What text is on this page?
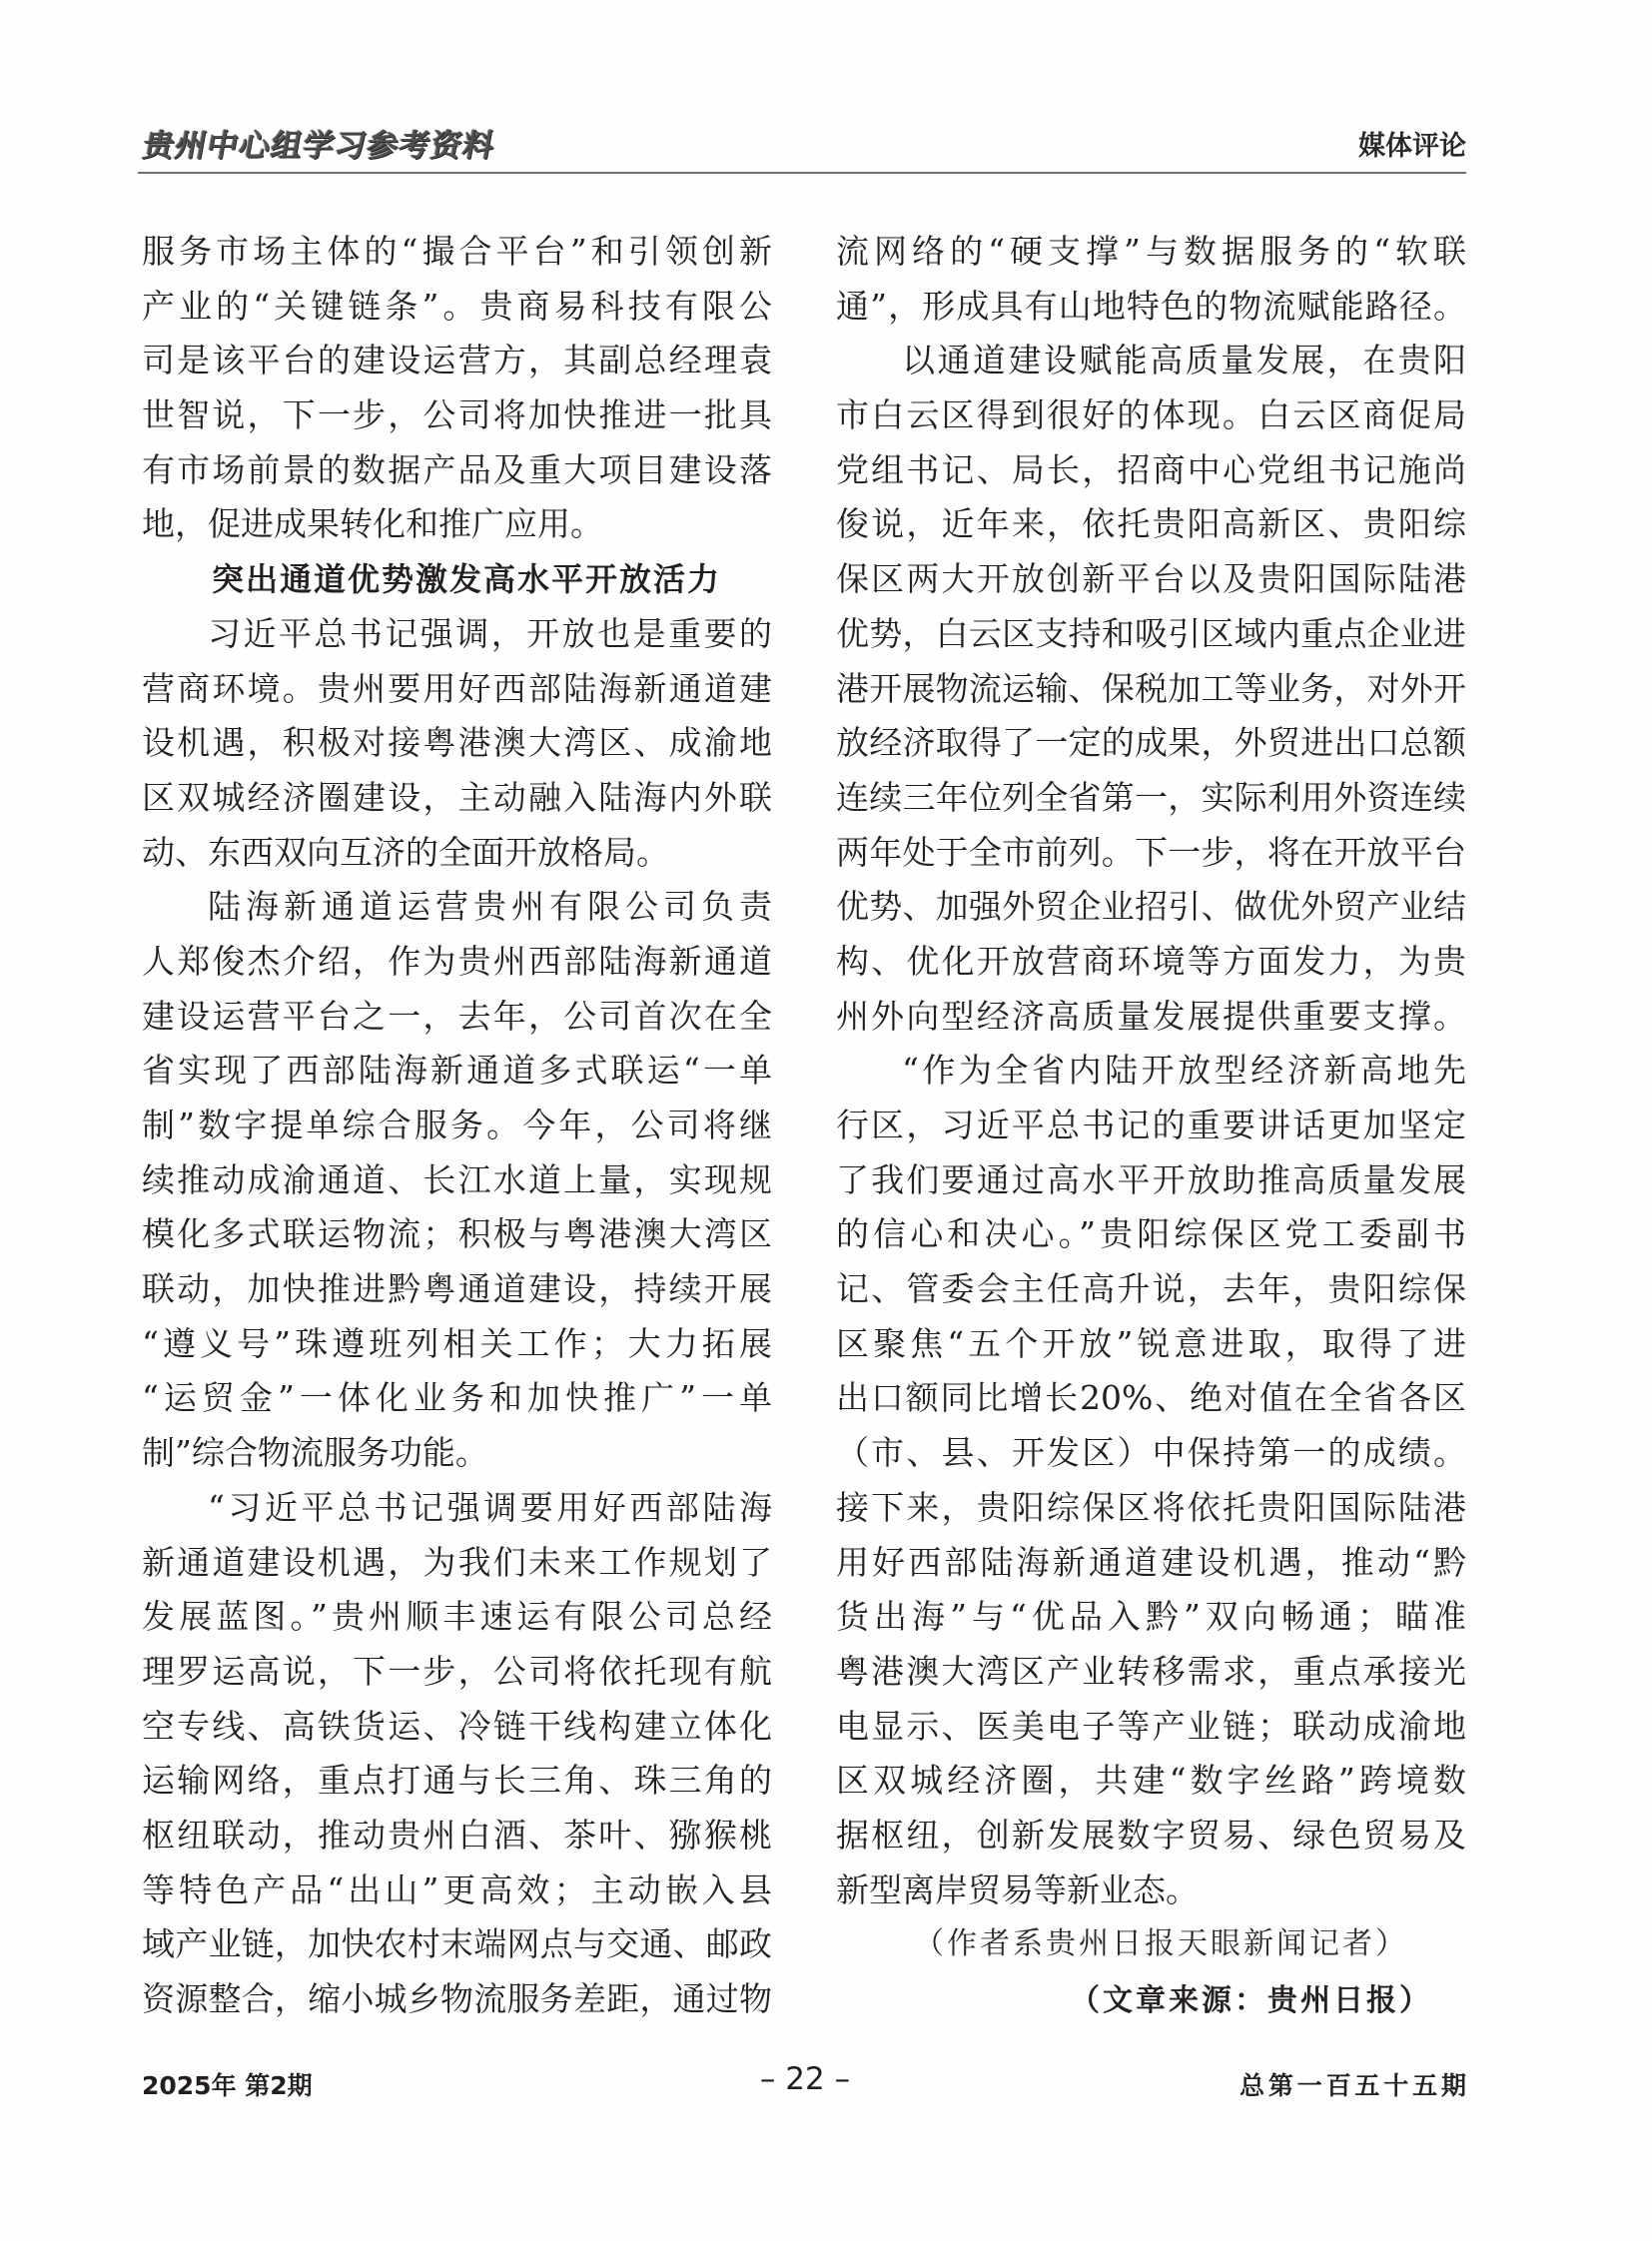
贵州中心组学习参考资料	媒体评论
服务市场主体的“撮合平台”和引领创新
产业的“关键链条”。贵商易科技有限公
司是该平台的建设运营方，其副总经理袁
世智说，下一步，公司将加快推进一批具
有市场前景的数据产品及重大项目建设落
地，促进成果转化和推广应用。
突出通道优势激发高水平开放活力
习近平总书记强调，开放也是重要的
营商环境。贵州要用好西部陆海新通道建
设机遇，积极对接粤港澳大湾区、成渝地
区双城经济圈建设，主动融入陆海内外联
动、东西双向互济的全面开放格局。
陆海新通道运营贵州有限公司负责
人郑俊杰介绍，作为贵州西部陆海新通道
建设运营平台之一，去年，公司首次在全
省实现了西部陆海新通道多式联运“一单
制”数字提单综合服务。今年，公司将继
续推动成渝通道、长江水道上量，实现规
模化多式联运物流；积极与粤港澳大湾区
联动，加快推进黔粤通道建设，持续开展
“遵义号”珠遵班列相关工作；大力拓展
“运贸金”一体化业务和加快推广”一单
制”综合物流服务功能。
“习近平总书记强调要用好西部陆海
新通道建设机遇，为我们未来工作规划了
发展蓝图。”贵州顺丰速运有限公司总经
理罗运高说，下一步，公司将依托现有航
空专线、高铁货运、冷链干线构建立体化
运输网络，重点打通与长三角、珠三角的
枢纽联动，推动贵州白酒、茶叶、猕猴桃
等特色产品“出山”更高效；主动嵌入县
域产业链，加快农村末端网点与交通、邮政
资源整合，缩小城乡物流服务差距，通过物
流网络的“硬支撑”与数据服务的“软联
通”，形成具有山地特色的物流赋能路径。
以通道建设赋能高质量发展，在贵阳
市白云区得到很好的体现。白云区商促局
党组书记、局长，招商中心党组书记施尚
俊说，近年来，依托贵阳高新区、贵阳综
保区两大开放创新平台以及贵阳国际陆港
优势，白云区支持和吸引区域内重点企业进
港开展物流运输、保税加工等业务，对外开
放经济取得了一定的成果，外贸进出口总额
连续三年位列全省第一，实际利用外资连续
两年处于全市前列。下一步，将在开放平台
优势、加强外贸企业招引、做优外贸产业结
构、优化开放营商环境等方面发力，为贵
州外向型经济高质量发展提供重要支撑。
“作为全省内陆开放型经济新高地先
行区，习近平总书记的重要讲话更加坚定
了我们要通过高水平开放助推高质量发展
的信心和决心。”贵阳综保区党工委副书
记、管委会主任高升说，去年，贵阳综保
区聚焦“五个开放”锐意进取，取得了进
出口额同比增长20%、绝对值在全省各区
（市、县、开发区）中保持第一的成绩。
接下来，贵阳综保区将依托贵阳国际陆港
用好西部陆海新通道建设机遇，推动“黔
货出海”与“优品入黔”双向畅通；瞄准
粤港澳大湾区产业转移需求，重点承接光
电显示、医美电子等产业链；联动成渝地
区双城经济圈，共建“数字丝路”跨境数
据枢纽，创新发展数字贸易、绿色贸易及
新型离岸贸易等新业态。
（作者系贵州日报天眼新闻记者）
（文章来源：贵州日报）
2025年 第2期	– 22 –	总第一百五十五期
